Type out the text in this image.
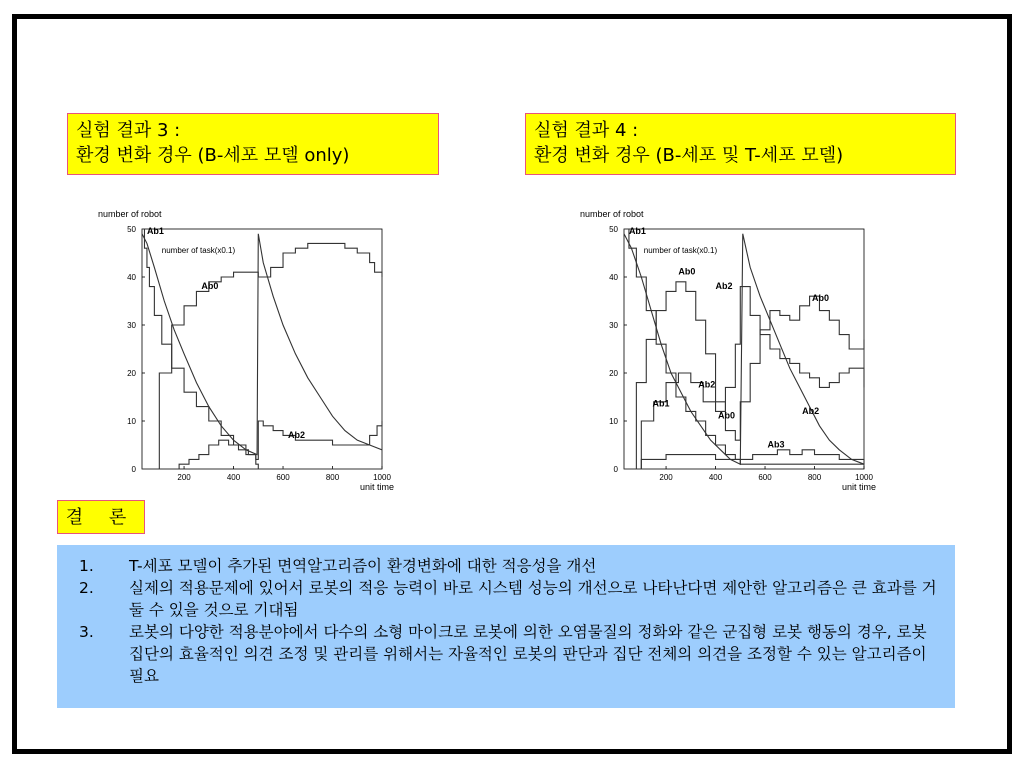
실험 결과 3 :
환경 변화 경우 (B-세포 모델 only)
실험 결과 4 :
환경 변화 경우 (B-세포 및 T-세포 모델)
number of robot
unit time
200	400	600	800	1000
0
10
20
30
40
50 Ab1
number of task(x0.1)
Ab0
Ab2
number of robot
unit time
200	400	600	800	1000
0
10
20
30
40
50 Ab1
number of task(x0.1)
Ab0
Ab2
Ab0
Ab2
Ab1
Ab0	Ab2
Ab3
결 론
1.	T-세포 모델이 추가된 면역알고리즘이 환경변화에 대한 적응성을 개선
2.	실제의 적용문제에 있어서 로봇의 적응 능력이 바로 시스템 성능의 개선으로 나타난다면 제안한 알고리즘은 큰 효과를 거둘 수 있을 것으로 기대됨
3.	로봇의 다양한 적용분야에서 다수의 소형 마이크로 로봇에 의한 오염물질의 정화와 같은 군집형 로봇 행동의 경우, 로봇 집단의 효율적인 의견 조정 및 관리를 위해서는 자율적인 로봇의 판단과 집단 전체의 의견을 조정할 수 있는 알고리즘이 필요
